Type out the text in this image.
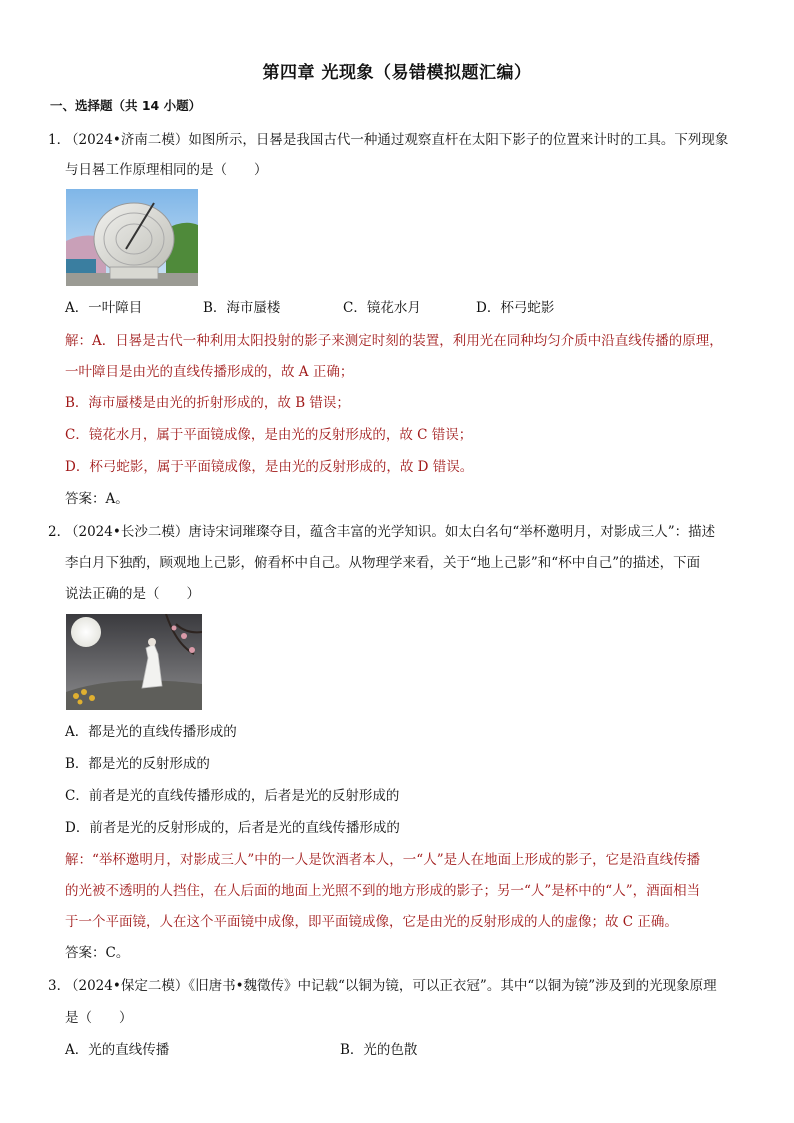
第四章 光现象（易错模拟题汇编）
一、选择题（共 14 小题）
1．
（2024•济南二模）如图所示，日晷是我国古代一种通过观察直杆在太阳下影子的位置来计时的工具。下列现象
与日晷工作原理相同的是（　　）
A．一叶障目	B．海市蜃楼	C．镜花水月	D．杯弓蛇影
解：A．日晷是古代一种利用太阳投射的影子来测定时刻的装置，利用光在同种均匀介质中沿直线传播的原理，
一叶障目是由光的直线传播形成的，故 A 正确；
B．海市蜃楼是由光的折射形成的，故 B 错误；
C．镜花水月，属于平面镜成像，是由光的反射形成的，故 C 错误；
D．杯弓蛇影，属于平面镜成像，是由光的反射形成的，故 D 错误。
答案：A。
2．
（2024•长沙二模）唐诗宋词璀璨夺目，蕴含丰富的光学知识。如太白名句“举杯邀明月，对影成三人”：描述
李白月下独酌，顾观地上己影，俯看杯中自己。从物理学来看，关于“地上己影”和“杯中自己”的描述，下面
说法正确的是（　　）
A．都是光的直线传播形成的
B．都是光的反射形成的
C．前者是光的直线传播形成的，后者是光的反射形成的
D．前者是光的反射形成的，后者是光的直线传播形成的
解：“举杯邀明月，对影成三人”中的一人是饮酒者本人，一“人”是人在地面上形成的影子，它是沿直线传播
的光被不透明的人挡住，在人后面的地面上光照不到的地方形成的影子；另一“人”是杯中的“人”，酒面相当
于一个平面镜，人在这个平面镜中成像，即平面镜成像，它是由光的反射形成的人的虚像；故 C 正确。
答案：C。
3．
（2024•保定二模）《旧唐书•魏徵传》中记载“以铜为镜，可以正衣冠”。其中“以铜为镜”涉及到的光现象原理
是（　　）
A．光的直线传播	B．光的色散
